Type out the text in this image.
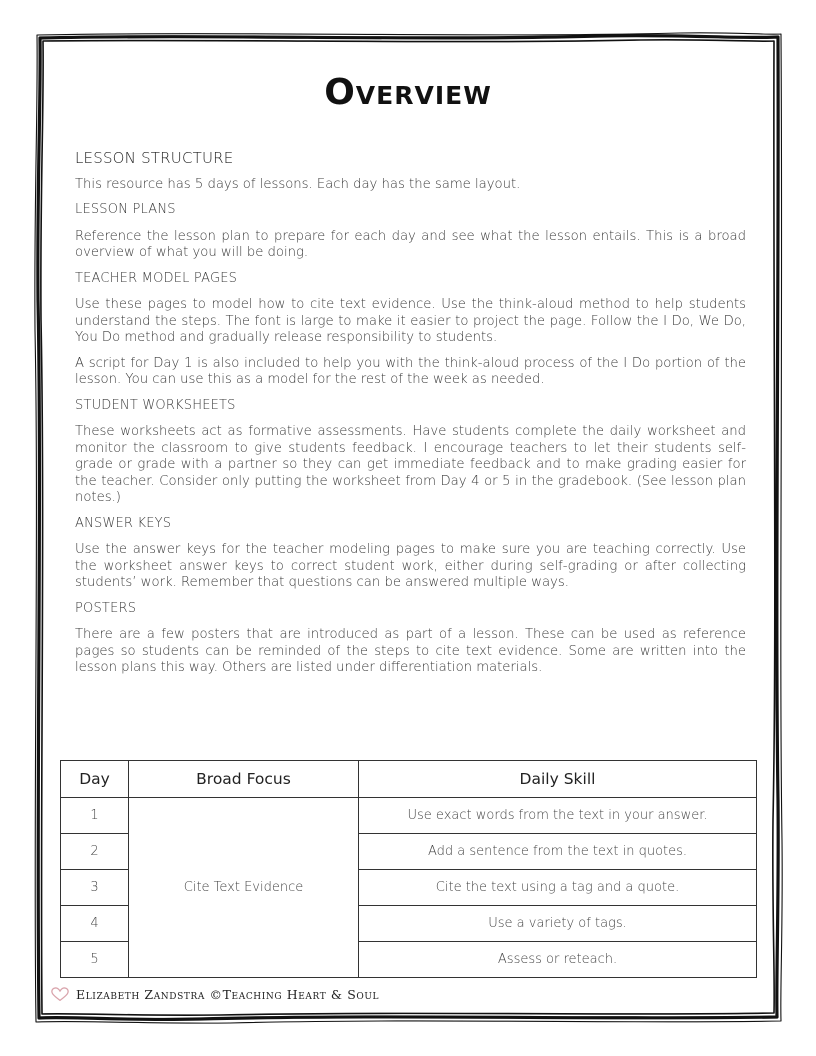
Overview
LESSON STRUCTURE
This resource has 5 days of lessons. Each day has the same layout.
LESSON PLANS
Reference the lesson plan to prepare for each day and see what the lesson entails. This is a broad overview of what you will be doing.
TEACHER MODEL PAGES
Use these pages to model how to cite text evidence. Use the think-aloud method to help students understand the steps. The font is large to make it easier to project the page. Follow the I Do, We Do, You Do method and gradually release responsibility to students.
A script for Day 1 is also included to help you with the think-aloud process of the I Do portion of the lesson. You can use this as a model for the rest of the week as needed.
STUDENT WORKSHEETS
These worksheets act as formative assessments. Have students complete the daily worksheet and monitor the classroom to give students feedback. I encourage teachers to let their students self-grade or grade with a partner so they can get immediate feedback and to make grading easier for the teacher. Consider only putting the worksheet from Day 4 or 5 in the gradebook. (See lesson plan notes.)
ANSWER KEYS
Use the answer keys for the teacher modeling pages to make sure you are teaching correctly. Use the worksheet answer keys to correct student work, either during self-grading or after collecting students’ work. Remember that questions can be answered multiple ways.
POSTERS
There are a few posters that are introduced as part of a lesson. These can be used as reference pages so students can be reminded of the steps to cite text evidence. Some are written into the lesson plans this way. Others are listed under differentiation materials.
Day	Broad Focus	Daily Skill
1	Cite Text Evidence	Use exact words from the text in your answer.
2		Add a sentence from the text in quotes.
3		Cite the text using a tag and a quote.
4		Use a variety of tags.
5		Assess or reteach.
Elizabeth Zandstra ©Teaching Heart & Soul
